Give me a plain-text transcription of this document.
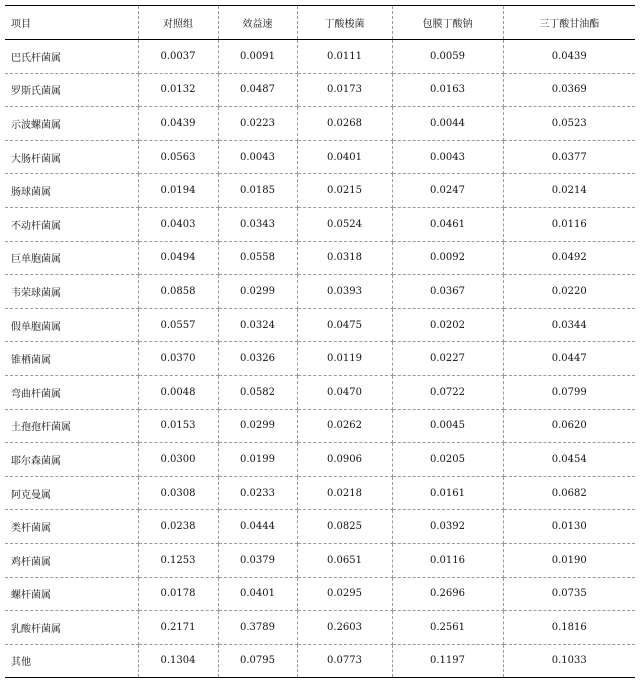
项目	对照组	效益速	丁酸梭菌	包膜丁酸钠	三丁酸甘油酯
巴氏杆菌属	0.0037	0.0091	0.0111	0.0059	0.0439
罗斯氏菌属	0.0132	0.0487	0.0173	0.0163	0.0369
示波螺菌属	0.0439	0.0223	0.0268	0.0044	0.0523
大肠杆菌属	0.0563	0.0043	0.0401	0.0043	0.0377
肠球菌属	0.0194	0.0185	0.0215	0.0247	0.0214
不动杆菌属	0.0403	0.0343	0.0524	0.0461	0.0116
巨单胞菌属	0.0494	0.0558	0.0318	0.0092	0.0492
韦荣球菌属	0.0858	0.0299	0.0393	0.0367	0.0220
假单胞菌属	0.0557	0.0324	0.0475	0.0202	0.0344
锥栖菌属	0.0370	0.0326	0.0119	0.0227	0.0447
弯曲杆菌属	0.0048	0.0582	0.0470	0.0722	0.0799
土孢孢杆菌属	0.0153	0.0299	0.0262	0.0045	0.0620
耶尔森菌属	0.0300	0.0199	0.0906	0.0205	0.0454
阿克曼属	0.0308	0.0233	0.0218	0.0161	0.0682
类杆菌属	0.0238	0.0444	0.0825	0.0392	0.0130
鸡杆菌属	0.1253	0.0379	0.0651	0.0116	0.0190
螺杆菌属	0.0178	0.0401	0.0295	0.2696	0.0735
乳酸杆菌属	0.2171	0.3789	0.2603	0.2561	0.1816
其他	0.1304	0.0795	0.0773	0.1197	0.1033
